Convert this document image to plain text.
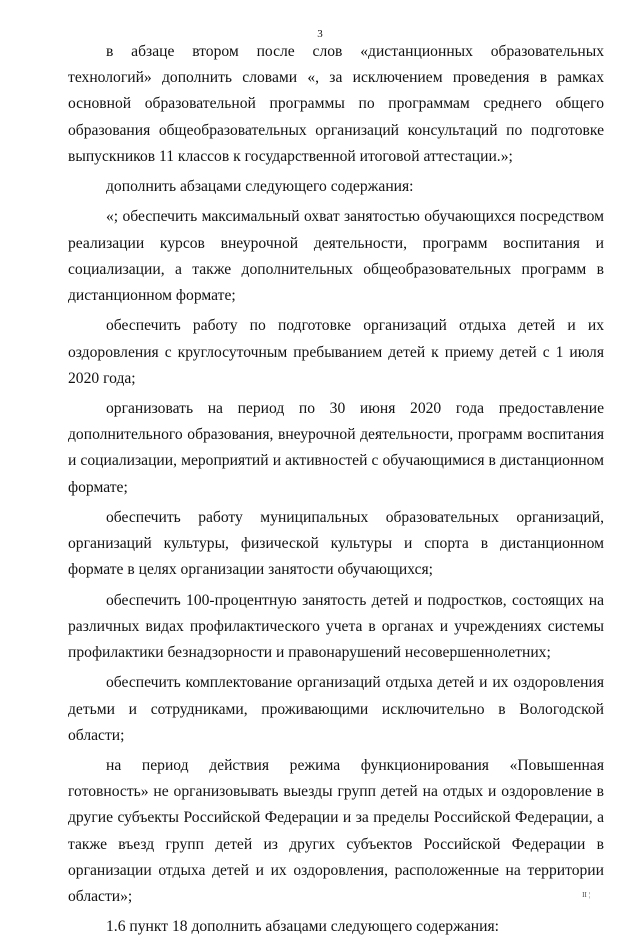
3

в абзаце втором после слов «дистанционных образовательных технологий» дополнить словами «, за исключением проведения в рамках основной образовательной программы по программам среднего общего образования общеобразовательных организаций консультаций по подготовке выпускников 11 классов к государственной итоговой аттестации.»;

дополнить абзацами следующего содержания:

«; обеспечить максимальный охват занятостью обучающихся посредством реализации курсов внеурочной деятельности, программ воспитания и социализации, а также дополнительных общеобразовательных программ в дистанционном формате;

обеспечить работу по подготовке организаций отдыха детей и их оздоровления с круглосуточным пребыванием детей к приему детей с 1 июля 2020 года;

организовать на период по 30 июня 2020 года предоставление дополнительного образования, внеурочной деятельности, программ воспитания и социализации, мероприятий и активностей с обучающимися в дистанционном формате;

обеспечить работу муниципальных образовательных организаций, организаций культуры, физической культуры и спорта в дистанционном формате в целях организации занятости обучающихся;

обеспечить 100-процентную занятость детей и подростков, состоящих на различных видах профилактического учета в органах и учреждениях системы профилактики безнадзорности и правонарушений несовершеннолетних;

обеспечить комплектование организаций отдыха детей и их оздоровления детьми и сотрудниками, проживающими исключительно в Вологодской области;

на период действия режима функционирования «Повышенная готовность» не организовывать выезды групп детей на отдых и оздоровление в другие субъекты Российской Федерации и за пределы Российской Федерации, а также въезд групп детей из других субъектов Российской Федерации в организации отдыха детей и их оздоровления, расположенные на территории области»;

1.6 пункт 18 дополнить абзацами следующего содержания:

II ¦
